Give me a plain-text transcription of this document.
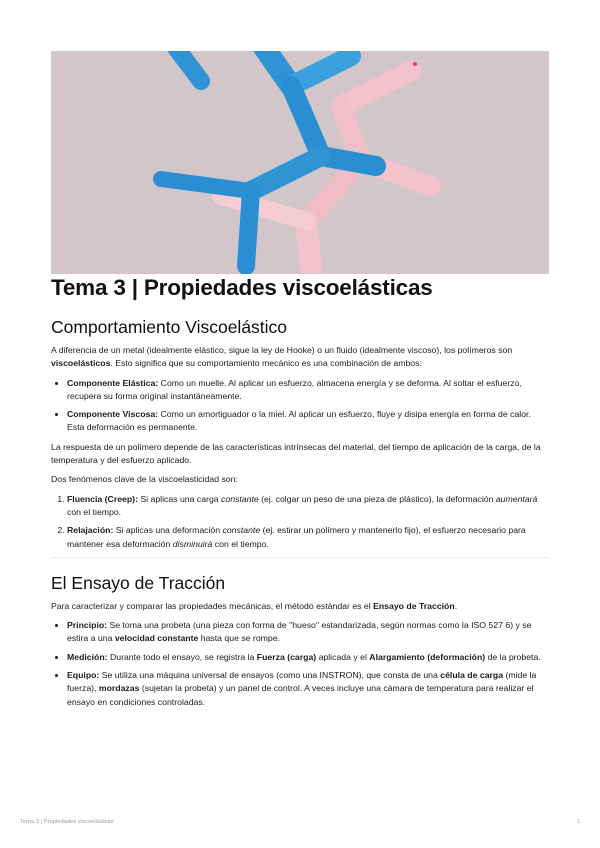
Tema 3 | Propiedades viscoelásticas
Comportamiento Viscoelástico

A diferencia de un metal (idealmente elástico, sigue la ley de Hooke) o un fluido (idealmente viscoso), los polímeros son viscoelásticos. Esto significa que su comportamiento mecánico es una combinación de ambos:

• Componente Elástica: Como un muelle. Al aplicar un esfuerzo, almacena energía y se deforma. Al soltar el esfuerzo, recupera su forma original instantáneamente.
• Componente Viscosa: Como un amortiguador o la miel. Al aplicar un esfuerzo, fluye y disipa energía en forma de calor. Esta deformación es permanente.

La respuesta de un polímero depende de las características intrínsecas del material, del tiempo de aplicación de la carga, de la temperatura y del esfuerzo aplicado.

Dos fenómenos clave de la viscoelasticidad son:

1. Fluencia (Creep): Si aplicas una carga constante (ej. colgar un peso de una pieza de plástico), la deformación aumentará con el tiempo.
2. Relajación: Si aplicas una deformación constante (ej. estirar un polímero y mantenerlo fijo), el esfuerzo necesario para mantener esa deformación disminuirá con el tiempo.
El Ensayo de Tracción

Para caracterizar y comparar las propiedades mecánicas, el método estándar es el Ensayo de Tracción.

• Principio: Se toma una probeta (una pieza con forma de "hueso" estandarizada, según normas como la ISO 527 6) y se estira a una velocidad constante hasta que se rompe.
• Medición: Durante todo el ensayo, se registra la Fuerza (carga) aplicada y el Alargamiento (deformación) de la probeta.
• Equipo: Se utiliza una máquina universal de ensayos (como una INSTRON), que consta de una célula de carga (mide la fuerza), mordazas (sujetan la probeta) y un panel de control. A veces incluye una cámara de temperatura para realizar el ensayo en condiciones controladas.
Tema 3 | Propiedades viscoelásticas	1
